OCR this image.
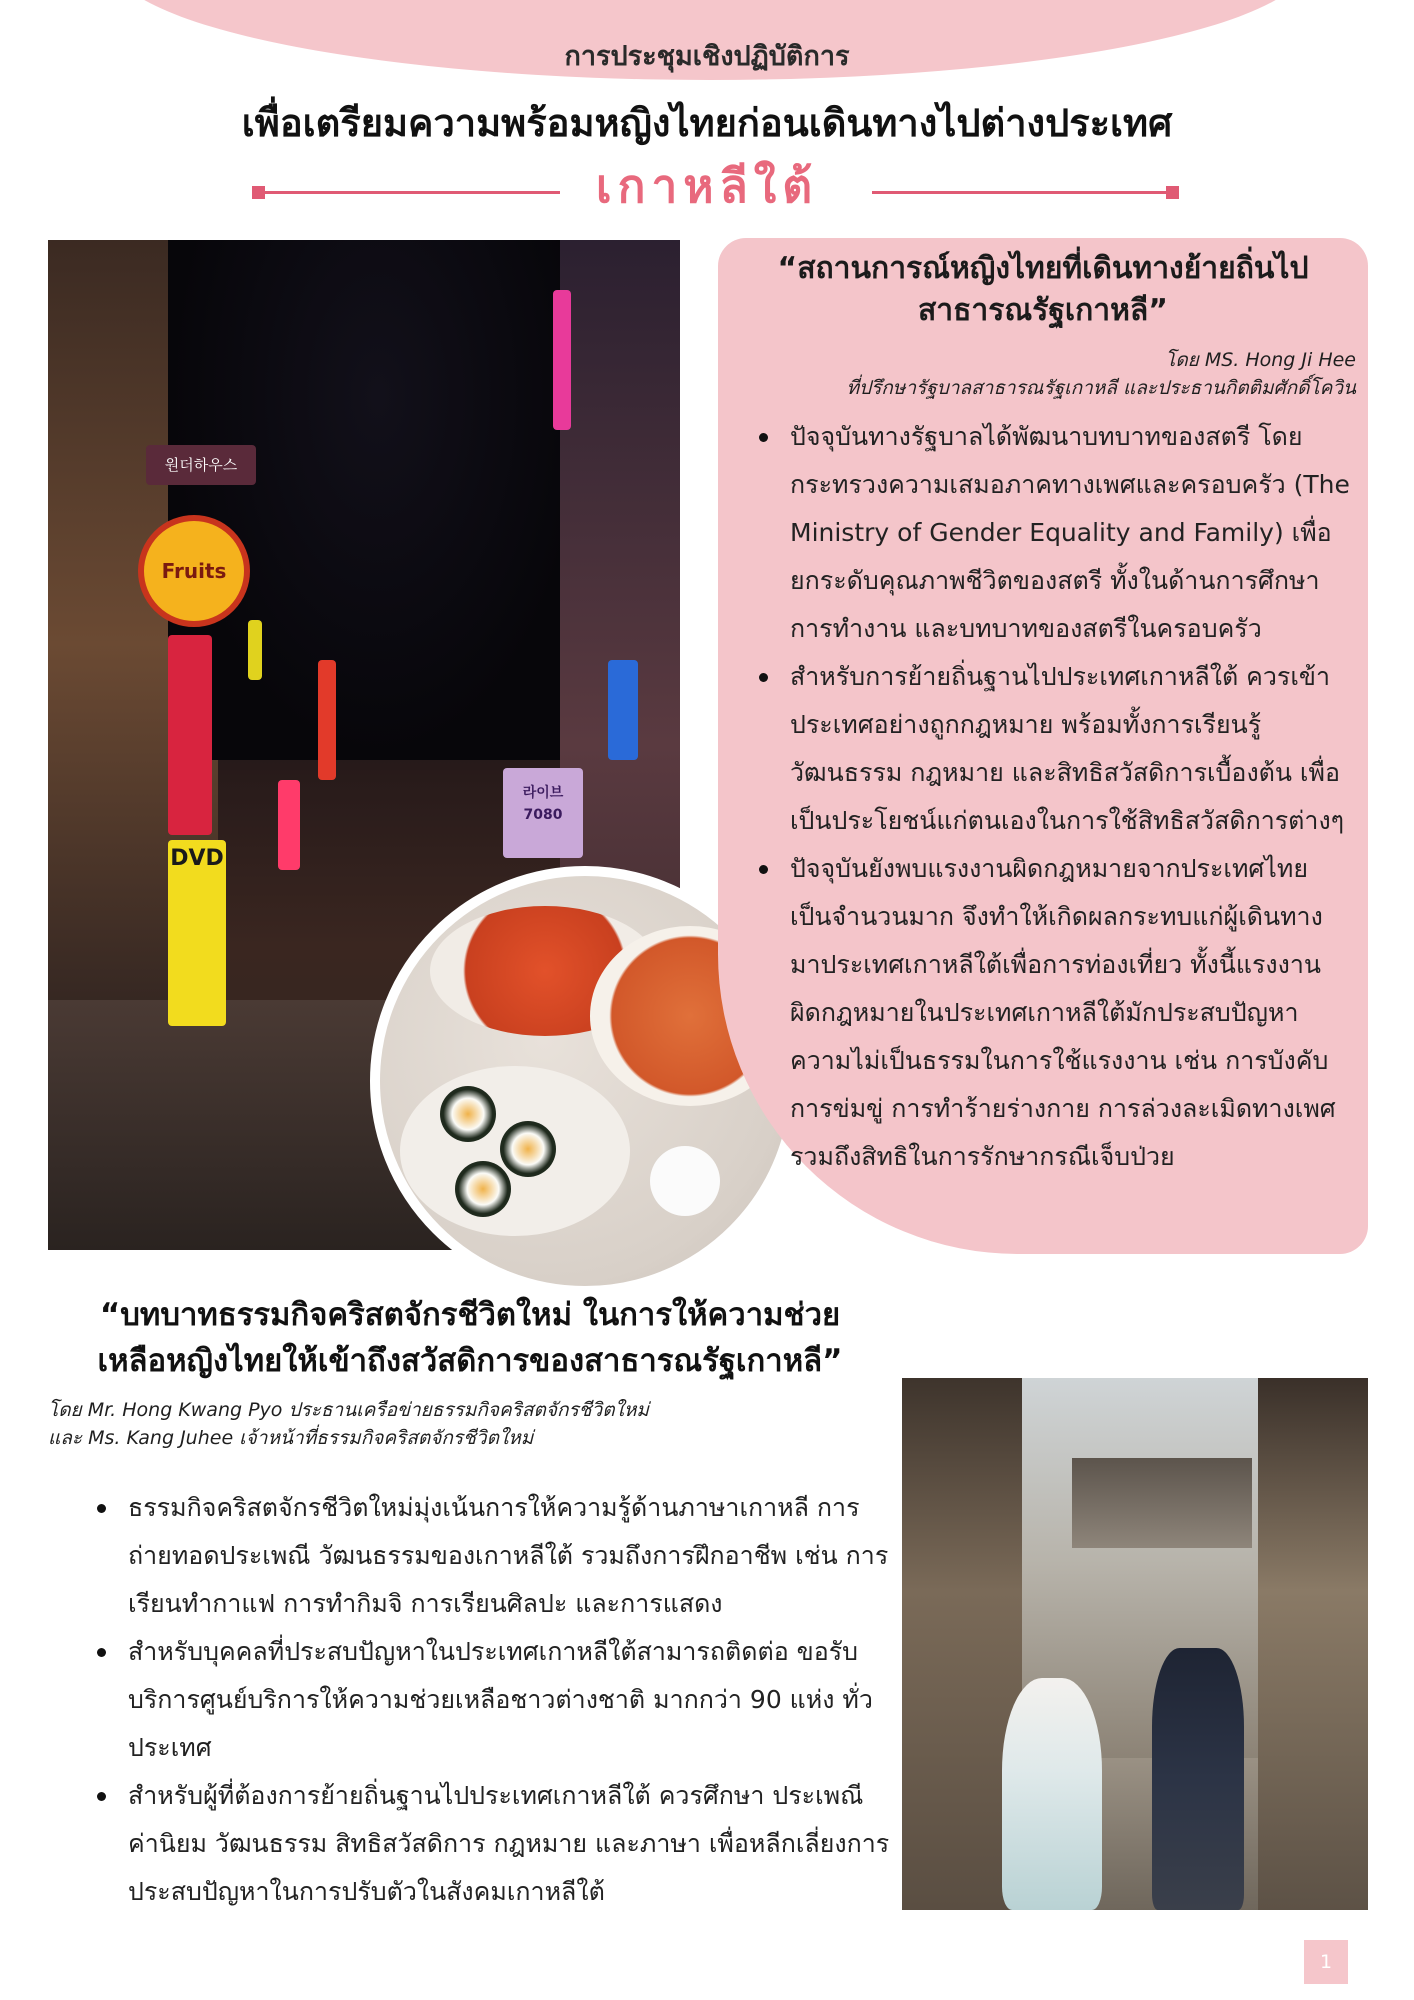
การประชุมเชิงปฏิบัติการ
เพื่อเตรียมความพร้อมหญิงไทยก่อนเดินทางไปต่างประเทศ
เกาหลีใต้
원더하우스
Fruits
DVD
라이브 7080
“สถานการณ์หญิงไทยที่เดินทางย้ายถิ่นไป
สาธารณรัฐเกาหลี”
โดย MS. Hong Ji Hee
ที่ปรึกษารัฐบาลสาธารณรัฐเกาหลี และประธานกิตติมศักดิ์โควิน
ปัจจุบันทางรัฐบาลได้พัฒนาบทบาทของสตรี โดยกระทรวงความเสมอภาคทางเพศและครอบครัว (The Ministry of Gender Equality and Family) เพื่อยกระดับคุณภาพชีวิตของสตรี ทั้งในด้านการศึกษา การทำงาน และบทบาทของสตรีในครอบครัว
สำหรับการย้ายถิ่นฐานไปประเทศเกาหลีใต้ ควรเข้าประเทศอย่างถูกกฎหมาย พร้อมทั้งการเรียนรู้ วัฒนธรรม กฎหมาย และสิทธิสวัสดิการเบื้องต้น เพื่อเป็นประโยชน์แก่ตนเองในการใช้สิทธิสวัสดิการต่างๆ
ปัจจุบันยังพบแรงงานผิดกฎหมายจากประเทศไทย เป็นจำนวนมาก จึงทำให้เกิดผลกระทบแก่ผู้เดินทาง มาประเทศเกาหลีใต้เพื่อการท่องเที่ยว ทั้งนี้แรงงาน ผิดกฎหมายในประเทศเกาหลีใต้มักประสบปัญหา ความไม่เป็นธรรมในการใช้แรงงาน เช่น การบังคับ การข่มขู่ การทำร้ายร่างกาย การล่วงละเมิดทางเพศ รวมถึงสิทธิในการรักษากรณีเจ็บป่วย
“บทบาทธรรมกิจคริสตจักรชีวิตใหม่ ในการให้ความช่วย
เหลือหญิงไทยให้เข้าถึงสวัสดิการของสาธารณรัฐเกาหลี”
โดย Mr. Hong Kwang Pyo ประธานเครือข่ายธรรมกิจคริสตจักรชีวิตใหม่
และ Ms. Kang Juhee เจ้าหน้าที่ธรรมกิจคริสตจักรชีวิตใหม่
ธรรมกิจคริสตจักรชีวิตใหม่มุ่งเน้นการให้ความรู้ด้านภาษาเกาหลี การถ่ายทอดประเพณี วัฒนธรรมของเกาหลีใต้ รวมถึงการฝึกอาชีพ เช่น การเรียนทำกาแฟ การทำกิมจิ การเรียนศิลปะ และการแสดง
สำหรับบุคคลที่ประสบปัญหาในประเทศเกาหลีใต้สามารถติดต่อ ขอรับบริการศูนย์บริการให้ความช่วยเหลือชาวต่างชาติ มากกว่า 90 แห่ง ทั่วประเทศ
สำหรับผู้ที่ต้องการย้ายถิ่นฐานไปประเทศเกาหลีใต้ ควรศึกษา ประเพณี ค่านิยม วัฒนธรรม สิทธิสวัสดิการ กฎหมาย และภาษา เพื่อหลีกเลี่ยงการประสบปัญหาในการปรับตัวในสังคมเกาหลีใต้
1
